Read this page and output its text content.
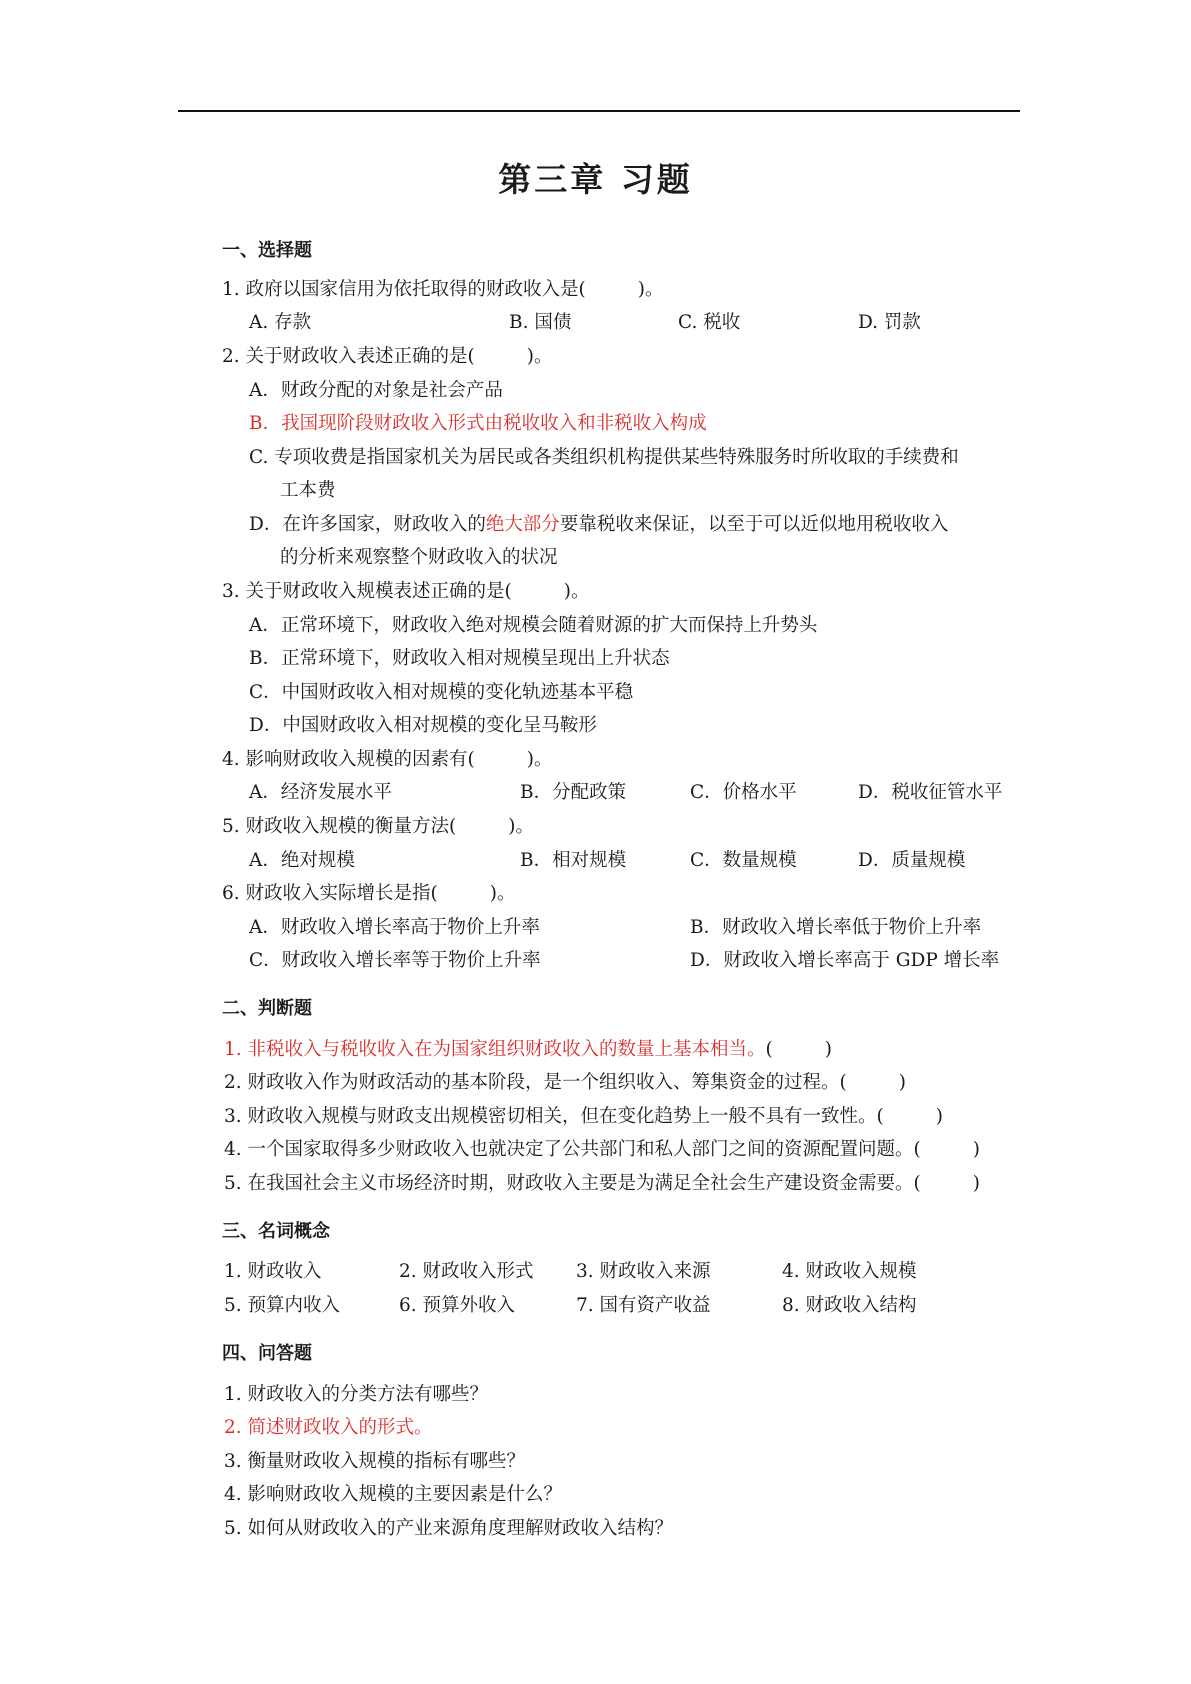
第三章 习题
一、选择题
1. 政府以国家信用为依托取得的财政收入是(	)。
A. 存款	B. 国债	C. 税收	D. 罚款
2. 关于财政收入表述正确的是(	)。
A．财政分配的对象是社会产品
B．我国现阶段财政收入形式由税收收入和非税收入构成
C. 专项收费是指国家机关为居民或各类组织机构提供某些特殊服务时所收取的手续费和
工本费
D．在许多国家，财政收入的绝大部分要靠税收来保证，以至于可以近似地用税收收入
的分析来观察整个财政收入的状况
3. 关于财政收入规模表述正确的是(	)。
A．正常环境下，财政收入绝对规模会随着财源的扩大而保持上升势头
B．正常环境下，财政收入相对规模呈现出上升状态
C．中国财政收入相对规模的变化轨迹基本平稳
D．中国财政收入相对规模的变化呈马鞍形
4. 影响财政收入规模的因素有(	)。
A．经济发展水平	B．分配政策	C．价格水平	D．税收征管水平
5. 财政收入规模的衡量方法(	)。
A．绝对规模	B．相对规模	C．数量规模	D．质量规模
6. 财政收入实际增长是指(	)。
A．财政收入增长率高于物价上升率	B．财政收入增长率低于物价上升率
C．财政收入增长率等于物价上升率	D．财政收入增长率高于 GDP 增长率
二、判断题
1. 非税收入与税收收入在为国家组织财政收入的数量上基本相当。(	)
2. 财政收入作为财政活动的基本阶段，是一个组织收入、筹集资金的过程。(	)
3. 财政收入规模与财政支出规模密切相关，但在变化趋势上一般不具有一致性。(	)
4. 一个国家取得多少财政收入也就决定了公共部门和私人部门之间的资源配置问题。(	)
5. 在我国社会主义市场经济时期，财政收入主要是为满足全社会生产建设资金需要。(	)
三、名词概念
1. 财政收入	2. 财政收入形式 3. 财政收入来源	4. 财政收入规模
5. 预算内收入	6. 预算外收入	7. 国有资产收益	8. 财政收入结构
四、问答题
1. 财政收入的分类方法有哪些？
2. 简述财政收入的形式。
3. 衡量财政收入规模的指标有哪些？
4. 影响财政收入规模的主要因素是什么？
5. 如何从财政收入的产业来源角度理解财政收入结构？
